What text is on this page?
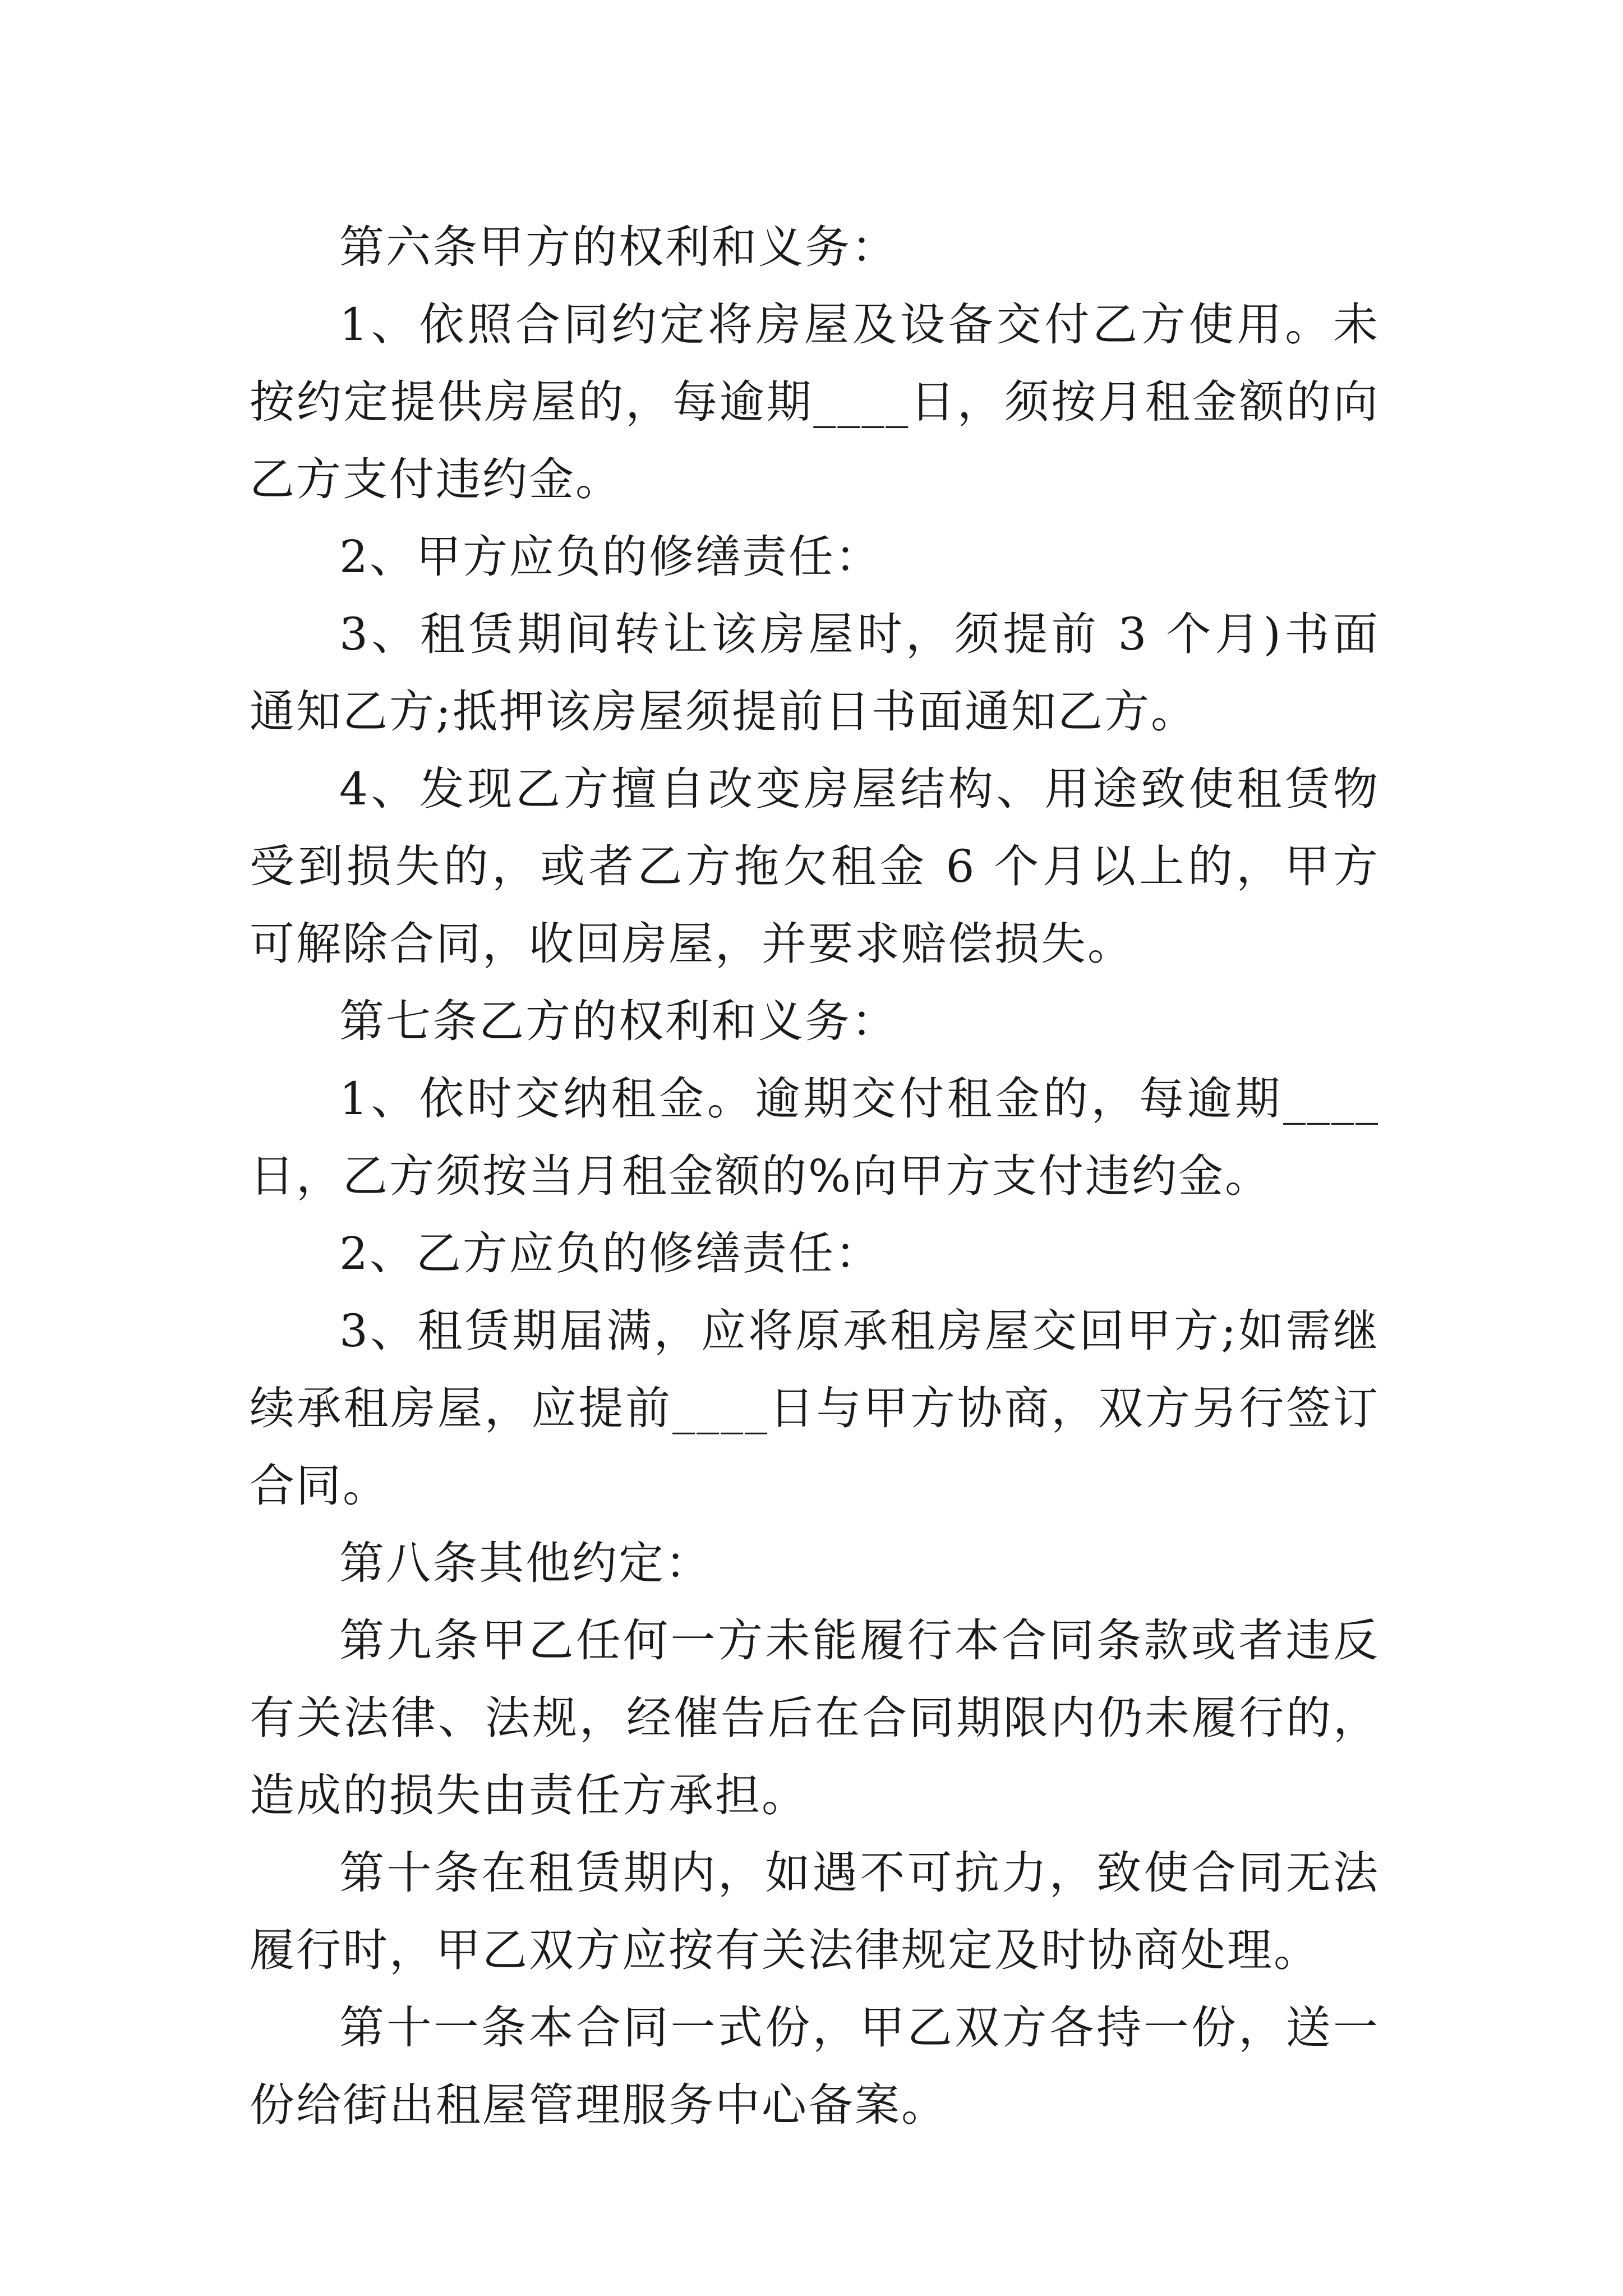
第六条甲方的权利和义务：

1、依照合同约定将房屋及设备交付乙方使用。未按约定提供房屋的，每逾期____日，须按月租金额的向乙方支付违约金。

2、甲方应负的修缮责任：

3、租赁期间转让该房屋时，须提前 3 个月)书面通知乙方;抵押该房屋须提前日书面通知乙方。

4、发现乙方擅自改变房屋结构、用途致使租赁物受到损失的，或者乙方拖欠租金 6 个月以上的，甲方可解除合同，收回房屋，并要求赔偿损失。

第七条乙方的权利和义务：

1、依时交纳租金。逾期交付租金的，每逾期____日，乙方须按当月租金额的%向甲方支付违约金。

2、乙方应负的修缮责任：

3、租赁期届满，应将原承租房屋交回甲方;如需继续承租房屋，应提前____日与甲方协商，双方另行签订合同。

第八条其他约定：

第九条甲乙任何一方未能履行本合同条款或者违反有关法律、法规，经催告后在合同期限内仍未履行的，造成的损失由责任方承担。

第十条在租赁期内，如遇不可抗力，致使合同无法履行时，甲乙双方应按有关法律规定及时协商处理。

第十一条本合同一式份，甲乙双方各持一份，送一份给街出租屋管理服务中心备案。
